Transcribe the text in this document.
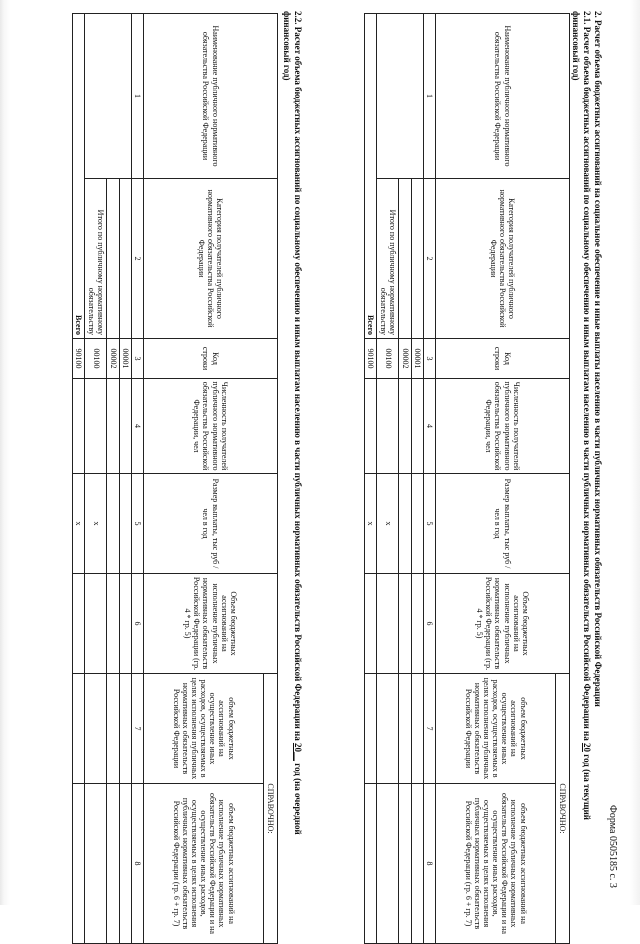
Форма 0505185 с. 3
2. Расчет объема бюджетных ассигнований на социальное обеспечение и иные выплаты населению в части публичных нормативных обязательств Российской Федерации
2.1. Расчет объема бюджетных ассигнований по социальному обеспечению и иным выплатам населению в части публичных нормативных обязательств Российской Федерации на 20 год (на текущий
финансовый год)
Наименование публичного нормативного обязательства Российской Федерации	Категория получателей публичного нормативного обязательства Российской Федерации	Код строки	Численность получателей публичного нормативного обязательства Российской Федерации, чел	Размер выплаты, тыс руб / чел в год	Объем бюджетных ассигнований на исполнение публичных нормативных обязательств Российской Федерации (гр. 4 * гр. 5)	СПРАВОЧНО:	
						объем бюджетных ассигнований на осуществление иных расходов, осуществляемых в целях исполнения публичных нормативных обязательств Российской Федерации	объем бюджетных ассигнований на исполнение публичных нормативных обязательств Российской Федерации и на осуществление иных расходов, осуществляемых в целях исполнения публичных нормативных обязательств Российской Федерации (гр. 6 + гр. 7)
1	2	3	4	5	6	7	8
		00001					
		00002					
	Итого по публичному нормативному обязательству	00100		x			
Всего		90100		x			
2.2. Расчет объема бюджетных ассигнований по социальному обеспечению и иным выплатам населению в части публичных нормативных обязательств Российской Федерации на 20__ год (на очередной
финансовый год)
Наименование публичного нормативного обязательства Российской Федерации	Категория получателей публичного нормативного обязательства Российской Федерации	Код строки	Численность получателей публичного нормативного обязательства Российской Федерации, чел	Размер выплаты, тыс руб / чел в год	Объем бюджетных ассигнований на исполнение публичных нормативных обязательств Российской Федерации (гр. 4 * гр. 5)	СПРАВОЧНО:	
						объем бюджетных ассигнований на осуществление иных расходов, осуществляемых в целях исполнения публичных нормативных обязательств Российской Федерации	объем бюджетных ассигнований на исполнение публичных нормативных обязательств Российской Федерации и на осуществление иных расходов, осуществляемых в целях исполнения публичных нормативных обязательств Российской Федерации (гр. 6 + гр. 7)
1	2	3	4	5	6	7	8
		00001					
		00002					
	Итого по публичному нормативному обязательству	00100		x			
Всего		90100		x			
